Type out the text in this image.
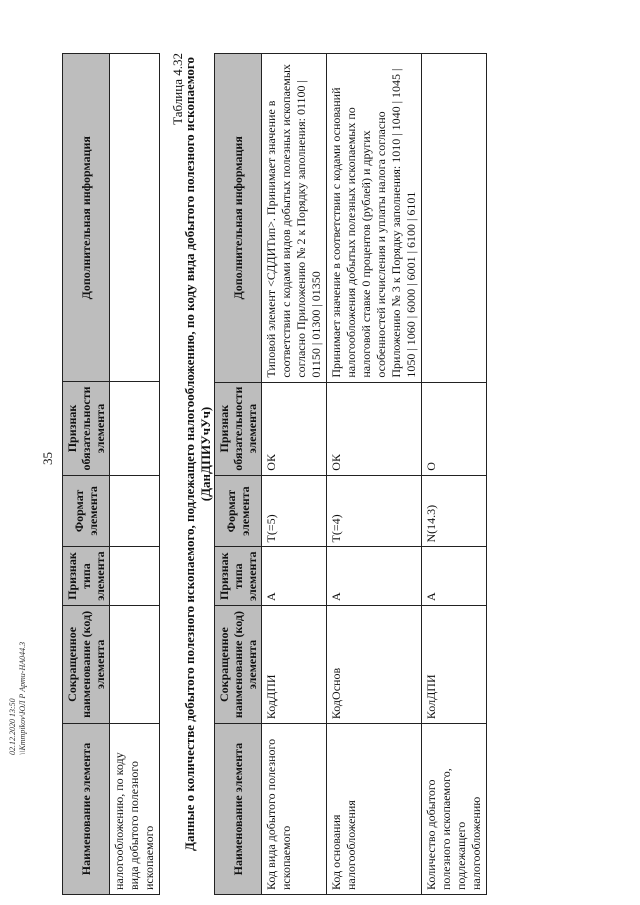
35
Наименование элемента	Сокращенное наименование (код) элемента	Признак типа элемента	Формат элемента	Признак обязательности элемента	Дополнительная информация
налогообложению, по коду вида добытого полезного ископаемого					
Таблица 4.32
Данные о количестве добытого полезного ископаемого, подлежащего налогообложению, по коду вида добытого полезного ископаемого (ДанДПИУчУч)
Наименование элемента	Сокращенное наименование (код) элемента	Признак типа элемента	Формат элемента	Признак обязательности элемента	Дополнительная информация
Код вида добытого полезного ископаемого	КодДПИ	А	T(=5)	ОК	Типовой элемент <СДДИТип>. Принимает значение в соответствии с кодами видов добытых полезных ископаемых согласно Приложению № 2 к Порядку заполнения: 01100 | 01150 | 01300 | 01350
Код основания налогообложения	КодОснов	А	T(=4)	ОК	Принимает значение в соответствии с кодами оснований налогообложения добытых полезных ископаемых по налоговой ставке 0 процентов (рублей) и других особенностей исчисления и уплаты налога согласно Приложению № 3 к Порядку заполнения: 1010 | 1040 | 1045 | 1050 | 1060 | 6000 | 6001 | 6100 | 6101
Количество добытого полезного ископаемого, подлежащего налогообложению	КолДПИ	А	N(14.3)	О	
02.12.2020 13:50 \\Kmmpikov\ЮЛ Р Арти-НА044.3
